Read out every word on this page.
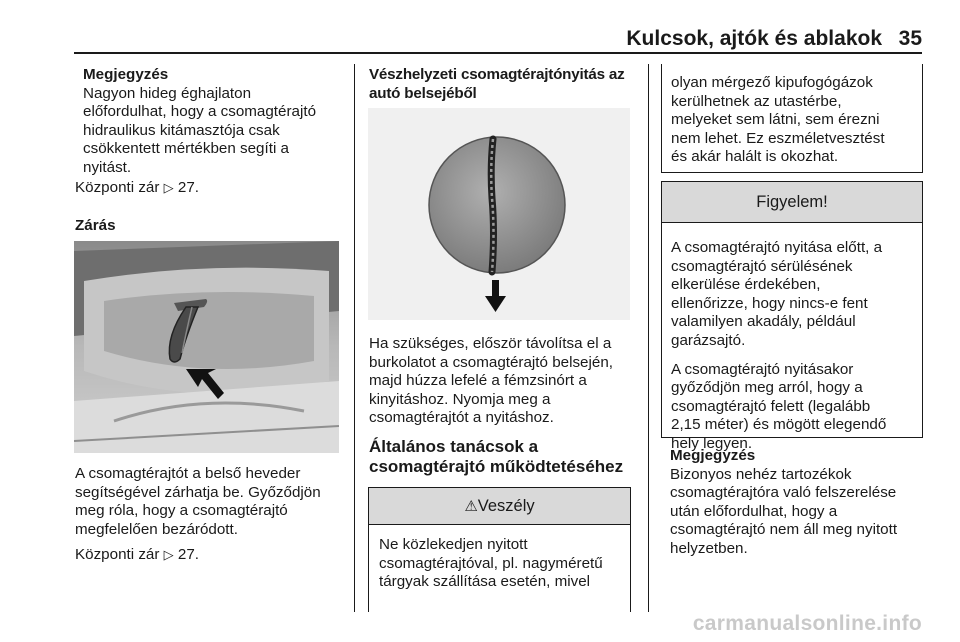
Kulcsok, ajtók és ablakok 35

Megjegyzés

Nagyon hideg éghajlaton

előfordulhat, hogy a csomagtérajtó

hidraulikus kitámasztója csak

csökkentett mértékben segíti a

nyitást.

Központi zár ▷ 27.
Zárás

A csomagtérajtót a belső heveder

segítségével zárhatja be. Győződjön

meg róla, hogy a csomagtérajtó

megfelelően bezáródott.

Központi zár ▷ 27.

Vészhelyzeti csomagtérajtónyitás az

autó belsejéből

Ha szükséges, először távolítsa el a

burkolatot a csomagtérajtó belsején,

majd húzza lefelé a fémzsinórt a

kinyitáshoz. Nyomja meg a

csomagtérajtót a nyitáshoz.

Általános tanácsok a

csomagtérajtó működtetéséhez

⚠Veszély

Ne közlekedjen nyitott

csomagtérajtóval, pl. nagyméretű

tárgyak szállítása esetén, mivel

olyan mérgező kipufogógázok

kerülhetnek az utastérbe,

melyeket sem látni, sem érezni

nem lehet. Ez eszméletvesztést

és akár halált is okozhat.

Figyelem!

A csomagtérajtó nyitása előtt, a

csomagtérajtó sérülésének

elkerülése érdekében,

ellenőrizze, hogy nincs-e fent

valamilyen akadály, például

garázsajtó.

A csomagtérajtó nyitásakor

győződjön meg arról, hogy a

csomagtérajtó felett (legalább

2,15 méter) és mögött elegendő

hely legyen.

Megjegyzés

Bizonyos nehéz tartozékok

csomagtérajtóra való felszerelése

után előfordulhat, hogy a

csomagtérajtó nem áll meg nyitott

helyzetben.

carmanualsonline.info
